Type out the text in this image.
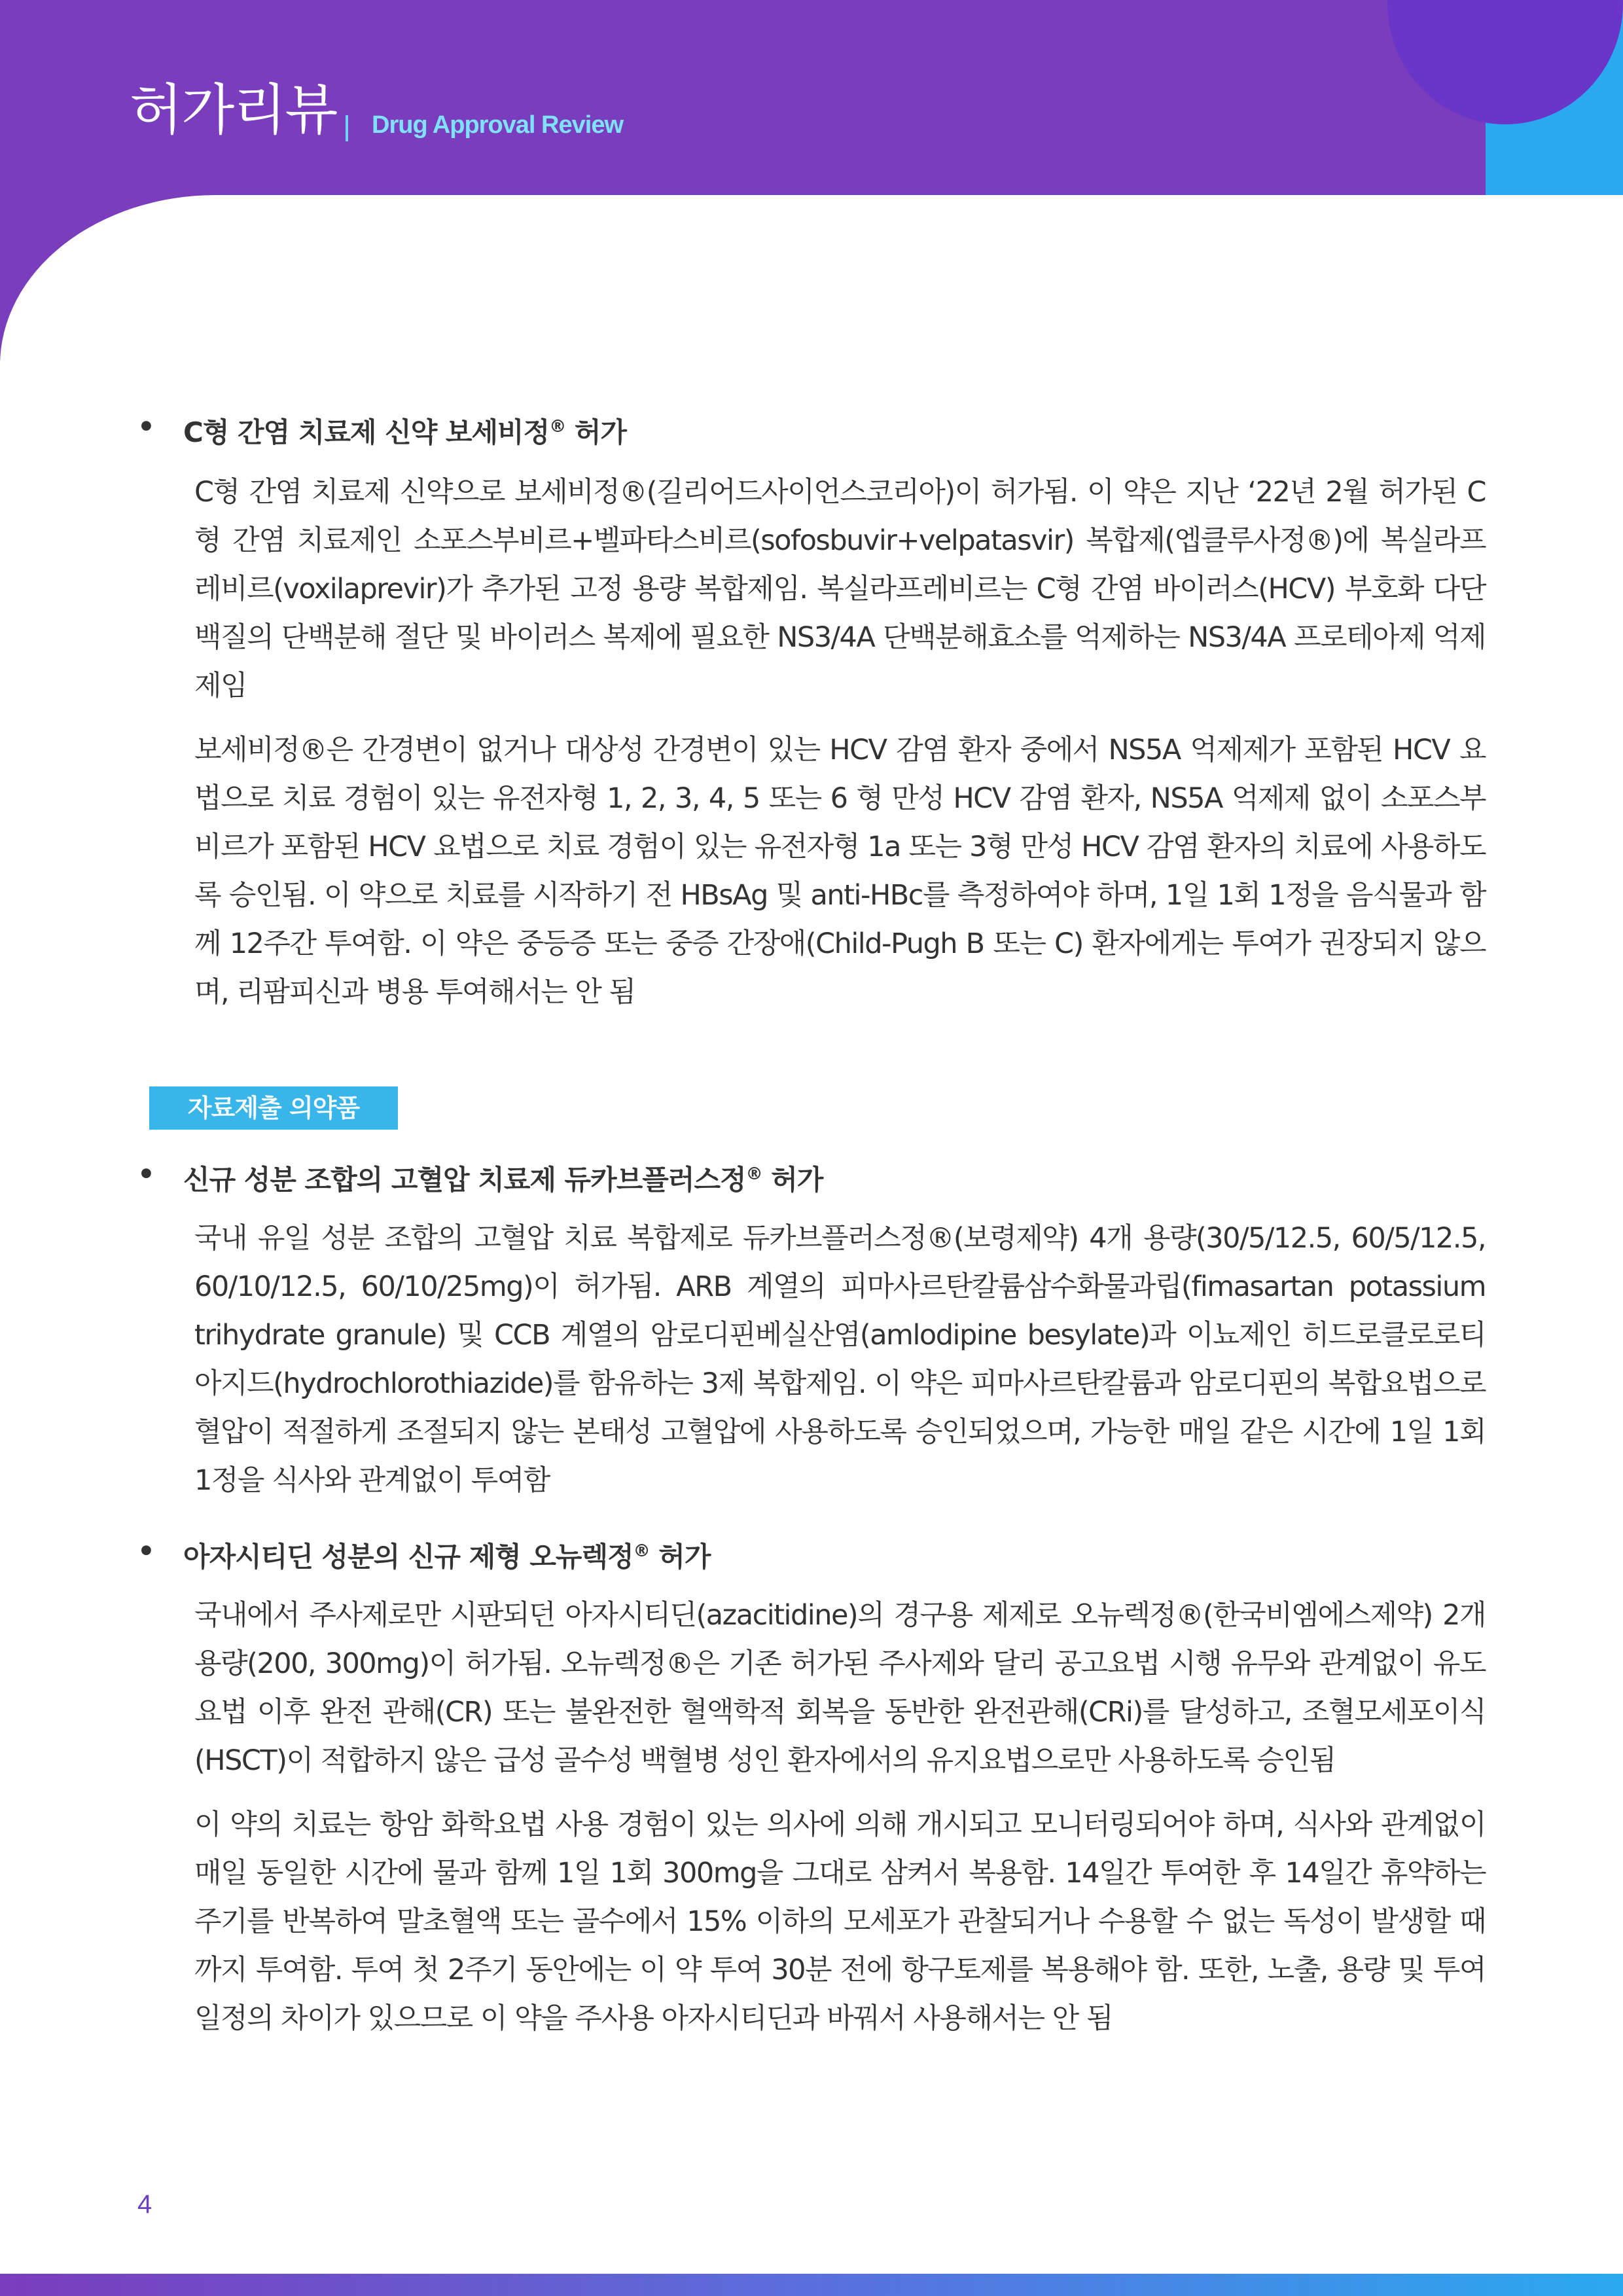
허가리뷰 Drug Approval Review
• C형 간염 치료제 신약 보세비정® 허가

C형 간염 치료제 신약으로 보세비정®(길리어드사이언스코리아)이 허가됨. 이 약은 지난 ‘22년 2월 허가된 C형 간염 치료제인 소포스부비르+벨파타스비르(sofosbuvir+velpatasvir) 복합제(엡클루사정®)에 복실라프레비르(voxilaprevir)가 추가된 고정 용량 복합제임. 복실라프레비르는 C형 간염 바이러스(HCV) 부호화 다단백질의 단백분해 절단 및 바이러스 복제에 필요한 NS3/4A 단백분해효소를 억제하는 NS3/4A 프로테아제 억제제임

보세비정®은 간경변이 없거나 대상성 간경변이 있는 HCV 감염 환자 중에서 NS5A 억제제가 포함된 HCV 요법으로 치료 경험이 있는 유전자형 1, 2, 3, 4, 5 또는 6 형 만성 HCV 감염 환자, NS5A 억제제 없이 소포스부비르가 포함된 HCV 요법으로 치료 경험이 있는 유전자형 1a 또는 3형 만성 HCV 감염 환자의 치료에 사용하도록 승인됨. 이 약으로 치료를 시작하기 전 HBsAg 및 anti-HBc를 측정하여야 하며, 1일 1회 1정을 음식물과 함께 12주간 투여함. 이 약은 중등증 또는 중증 간장애(Child-Pugh B 또는 C) 환자에게는 투여가 권장되지 않으며, 리팜피신과 병용 투여해서는 안 됨

자료제출 의약품
• 신규 성분 조합의 고혈압 치료제 듀카브플러스정® 허가

국내 유일 성분 조합의 고혈압 치료 복합제로 듀카브플러스정®(보령제약) 4개 용량(30/5/12.5, 60/5/12.5, 60/10/12.5, 60/10/25mg)이 허가됨. ARB 계열의 피마사르탄칼륨삼수화물과립(fimasartan potassium trihydrate granule) 및 CCB 계열의 암로디핀베실산염(amlodipine besylate)과 이뇨제인 히드로클로로티아지드(hydrochlorothiazide)를 함유하는 3제 복합제임. 이 약은 피마사르탄칼륨과 암로디핀의 복합요법으로 혈압이 적절하게 조절되지 않는 본태성 고혈압에 사용하도록 승인되었으며, 가능한 매일 같은 시간에 1일 1회 1정을 식사와 관계없이 투여함

• 아자시티딘 성분의 신규 제형 오뉴렉정® 허가

국내에서 주사제로만 시판되던 아자시티딘(azacitidine)의 경구용 제제로 오뉴렉정®(한국비엠에스제약) 2개 용량(200, 300mg)이 허가됨. 오뉴렉정®은 기존 허가된 주사제와 달리 공고요법 시행 유무와 관계없이 유도요법 이후 완전 관해(CR) 또는 불완전한 혈액학적 회복을 동반한 완전관해(CRi)를 달성하고, 조혈모세포이식(HSCT)이 적합하지 않은 급성 골수성 백혈병 성인 환자에서의 유지요법으로만 사용하도록 승인됨

이 약의 치료는 항암 화학요법 사용 경험이 있는 의사에 의해 개시되고 모니터링되어야 하며, 식사와 관계없이 매일 동일한 시간에 물과 함께 1일 1회 300mg을 그대로 삼켜서 복용함. 14일간 투여한 후 14일간 휴약하는 주기를 반복하여 말초혈액 또는 골수에서 15% 이하의 모세포가 관찰되거나 수용할 수 없는 독성이 발생할 때까지 투여함. 투여 첫 2주기 동안에는 이 약 투여 30분 전에 항구토제를 복용해야 함. 또한, 노출, 용량 및 투여 일정의 차이가 있으므로 이 약을 주사용 아자시티딘과 바꿔서 사용해서는 안 됨

4
